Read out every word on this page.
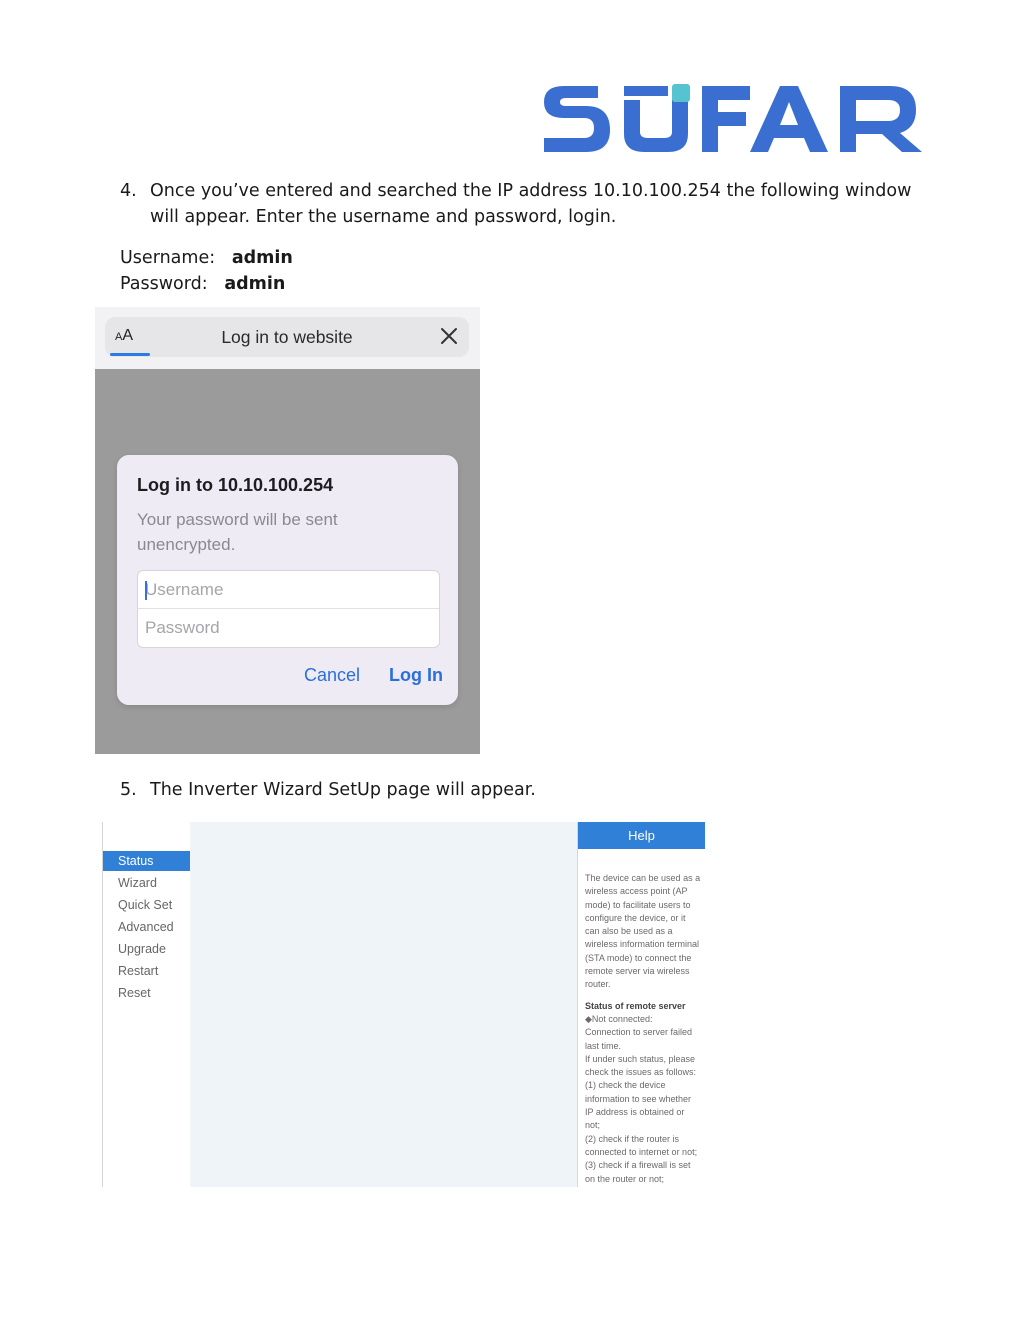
4. Once you’ve entered and searched the IP address 10.10.100.254 the following window will appear. Enter the username and password, login.
Username: admin
Password: admin
AA	Log in to website
Log in to 10.10.100.254
Your password will be sent unencrypted.
Username
Cancel Log In
5. The Inverter Wizard SetUp page will appear.
Status
Wizard
Quick Set
Advanced
Upgrade
Restart
Reset
Help

The device can be used as a wireless access point (AP mode) to facilitate users to configure the device, or it can also be used as a wireless information terminal (STA mode) to connect the remote server via wireless router.

Status of remote server

◆Not connected:

Connection to server failed last time.

If under such status, please check the issues as follows:

(1) check the device information to see whether IP address is obtained or not;

(2) check if the router is connected to internet or not;

(3) check if a firewall is set on the router or not;
